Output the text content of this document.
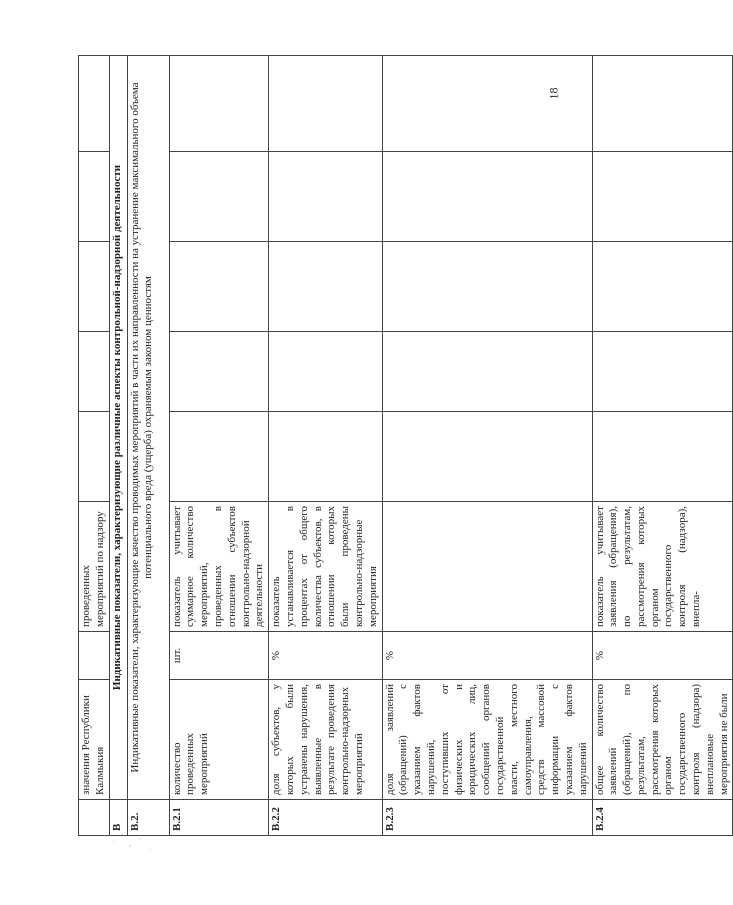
	значения Республики Калмыкия		проведенных мероприятий по надзору					
В	Индикативные показатели, характеризующие различные аспекты контрольной-надзорной деятельности							
В.2.	Индикативные показатели, характеризующие качество проводимых мероприятий в части их направленности на устранение максимального объема потенциального вреда (ущерба) охраняемым законом ценностям							
В.2.1	количество проведенных мероприятий	шт.	показатель учитывает суммарное количество мероприятий, проведенных в отношении субъектов контрольно-надзорной деятельности					
В.2.2	доля субъектов, у которых были устранены нарушения, выявленные в результате проведения контрольно-надзорных мероприятий	%	показатель устанавливается в процентах от общего количества субъектов, в отношении которых были проведены контрольно-надзорные мероприятия					
В.2.3	доля заявлений (обращений) с указанием фактов нарушений, поступивших от физических и юридических лиц, сообщений органов государственной власти, местного самоуправления, средств массовой информации с указанием фактов нарушений	%						
В.2.4	общее количество заявлений (обращений), по результатам, рассмотрения которых органом государственного контроля (надзора) внеплановые мероприятия не были	%	показатель учитывает заявления (обращения), по результатам, рассмотрения которых органом государственного контроля (надзора), внепла-					
18
